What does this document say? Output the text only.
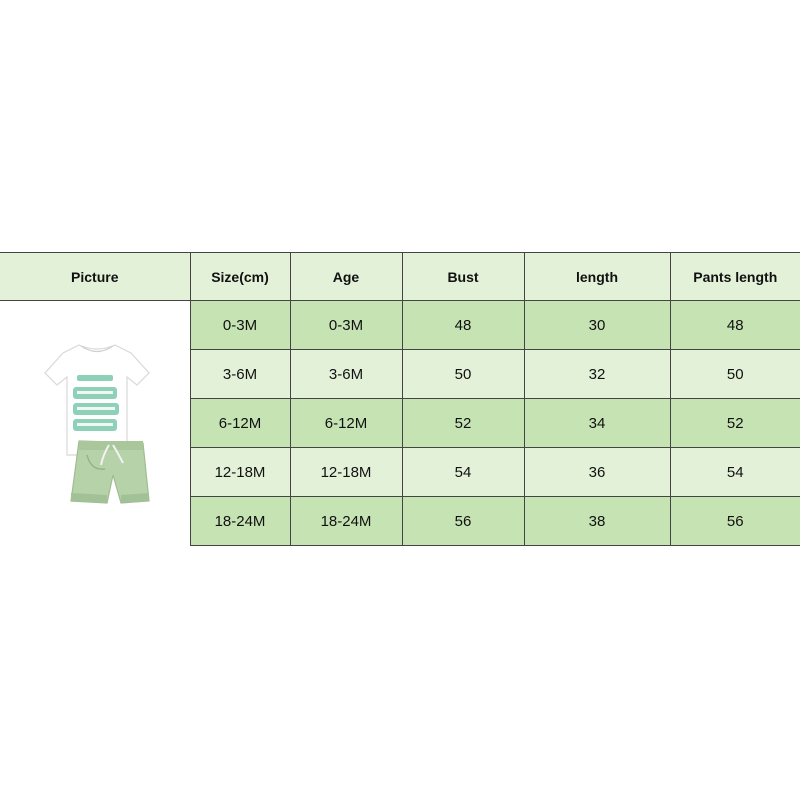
Picture	Size(cm)	Age	Bust	length	Pants length

	0-3M	0-3M	48	30	48
	3-6M	3-6M	50	32	50
	6-12M	6-12M	52	34	52
	12-18M	12-18M	54	36	54
	18-24M	18-24M	56	38	56
